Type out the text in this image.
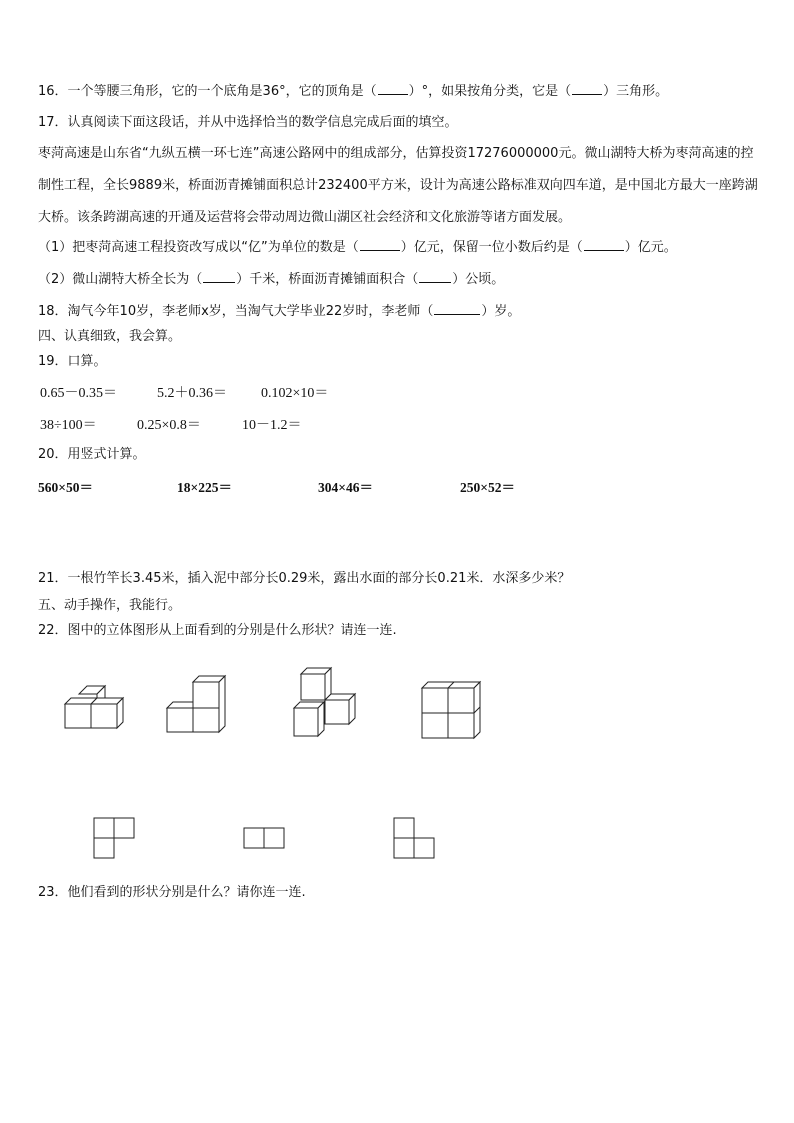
16．一个等腰三角形，它的一个底角是36°，它的顶角是（ ）°，如果按角分类，它是（ ）三角形。
17．认真阅读下面这段话，并从中选择恰当的数学信息完成后面的填空。
枣菏高速是山东省“九纵五横一环七连”高速公路网中的组成部分，估算投资17276000000元。微山湖特大桥为枣菏高速的控制性工程，全长9889米，桥面沥青摊铺面积总计232400平方米，设计为高速公路标准双向四车道，是中国北方最大一座跨湖大桥。该条跨湖高速的开通及运营将会带动周边微山湖区社会经济和文化旅游等诸方面发展。
（1）把枣菏高速工程投资改写成以“亿”为单位的数是（	）亿元，保留一位小数后约是（	）亿元。
（2）微山湖特大桥全长为（	）千米，桥面沥青摊铺面积合（	）公顷。
18．淘气今年10岁，李老师x岁，当淘气大学毕业22岁时，李老师（	）岁。
四、认真细致，我会算。
19．口算。
0.65－0.35＝	5.2＋0.36＝ 0.102×10＝
38÷100＝	0.25×0.8＝	10－1.2＝
20．用竖式计算。
560×50＝	18×225＝	304×46＝	250×52＝
21．一根竹竿长3.45米，插入泥中部分长0.29米，露出水面的部分长0.21米．水深多少米？
五、动手操作，我能行。
22．图中的立体图形从上面看到的分别是什么形状？请连一连.
23．他们看到的形状分别是什么？请你连一连.
